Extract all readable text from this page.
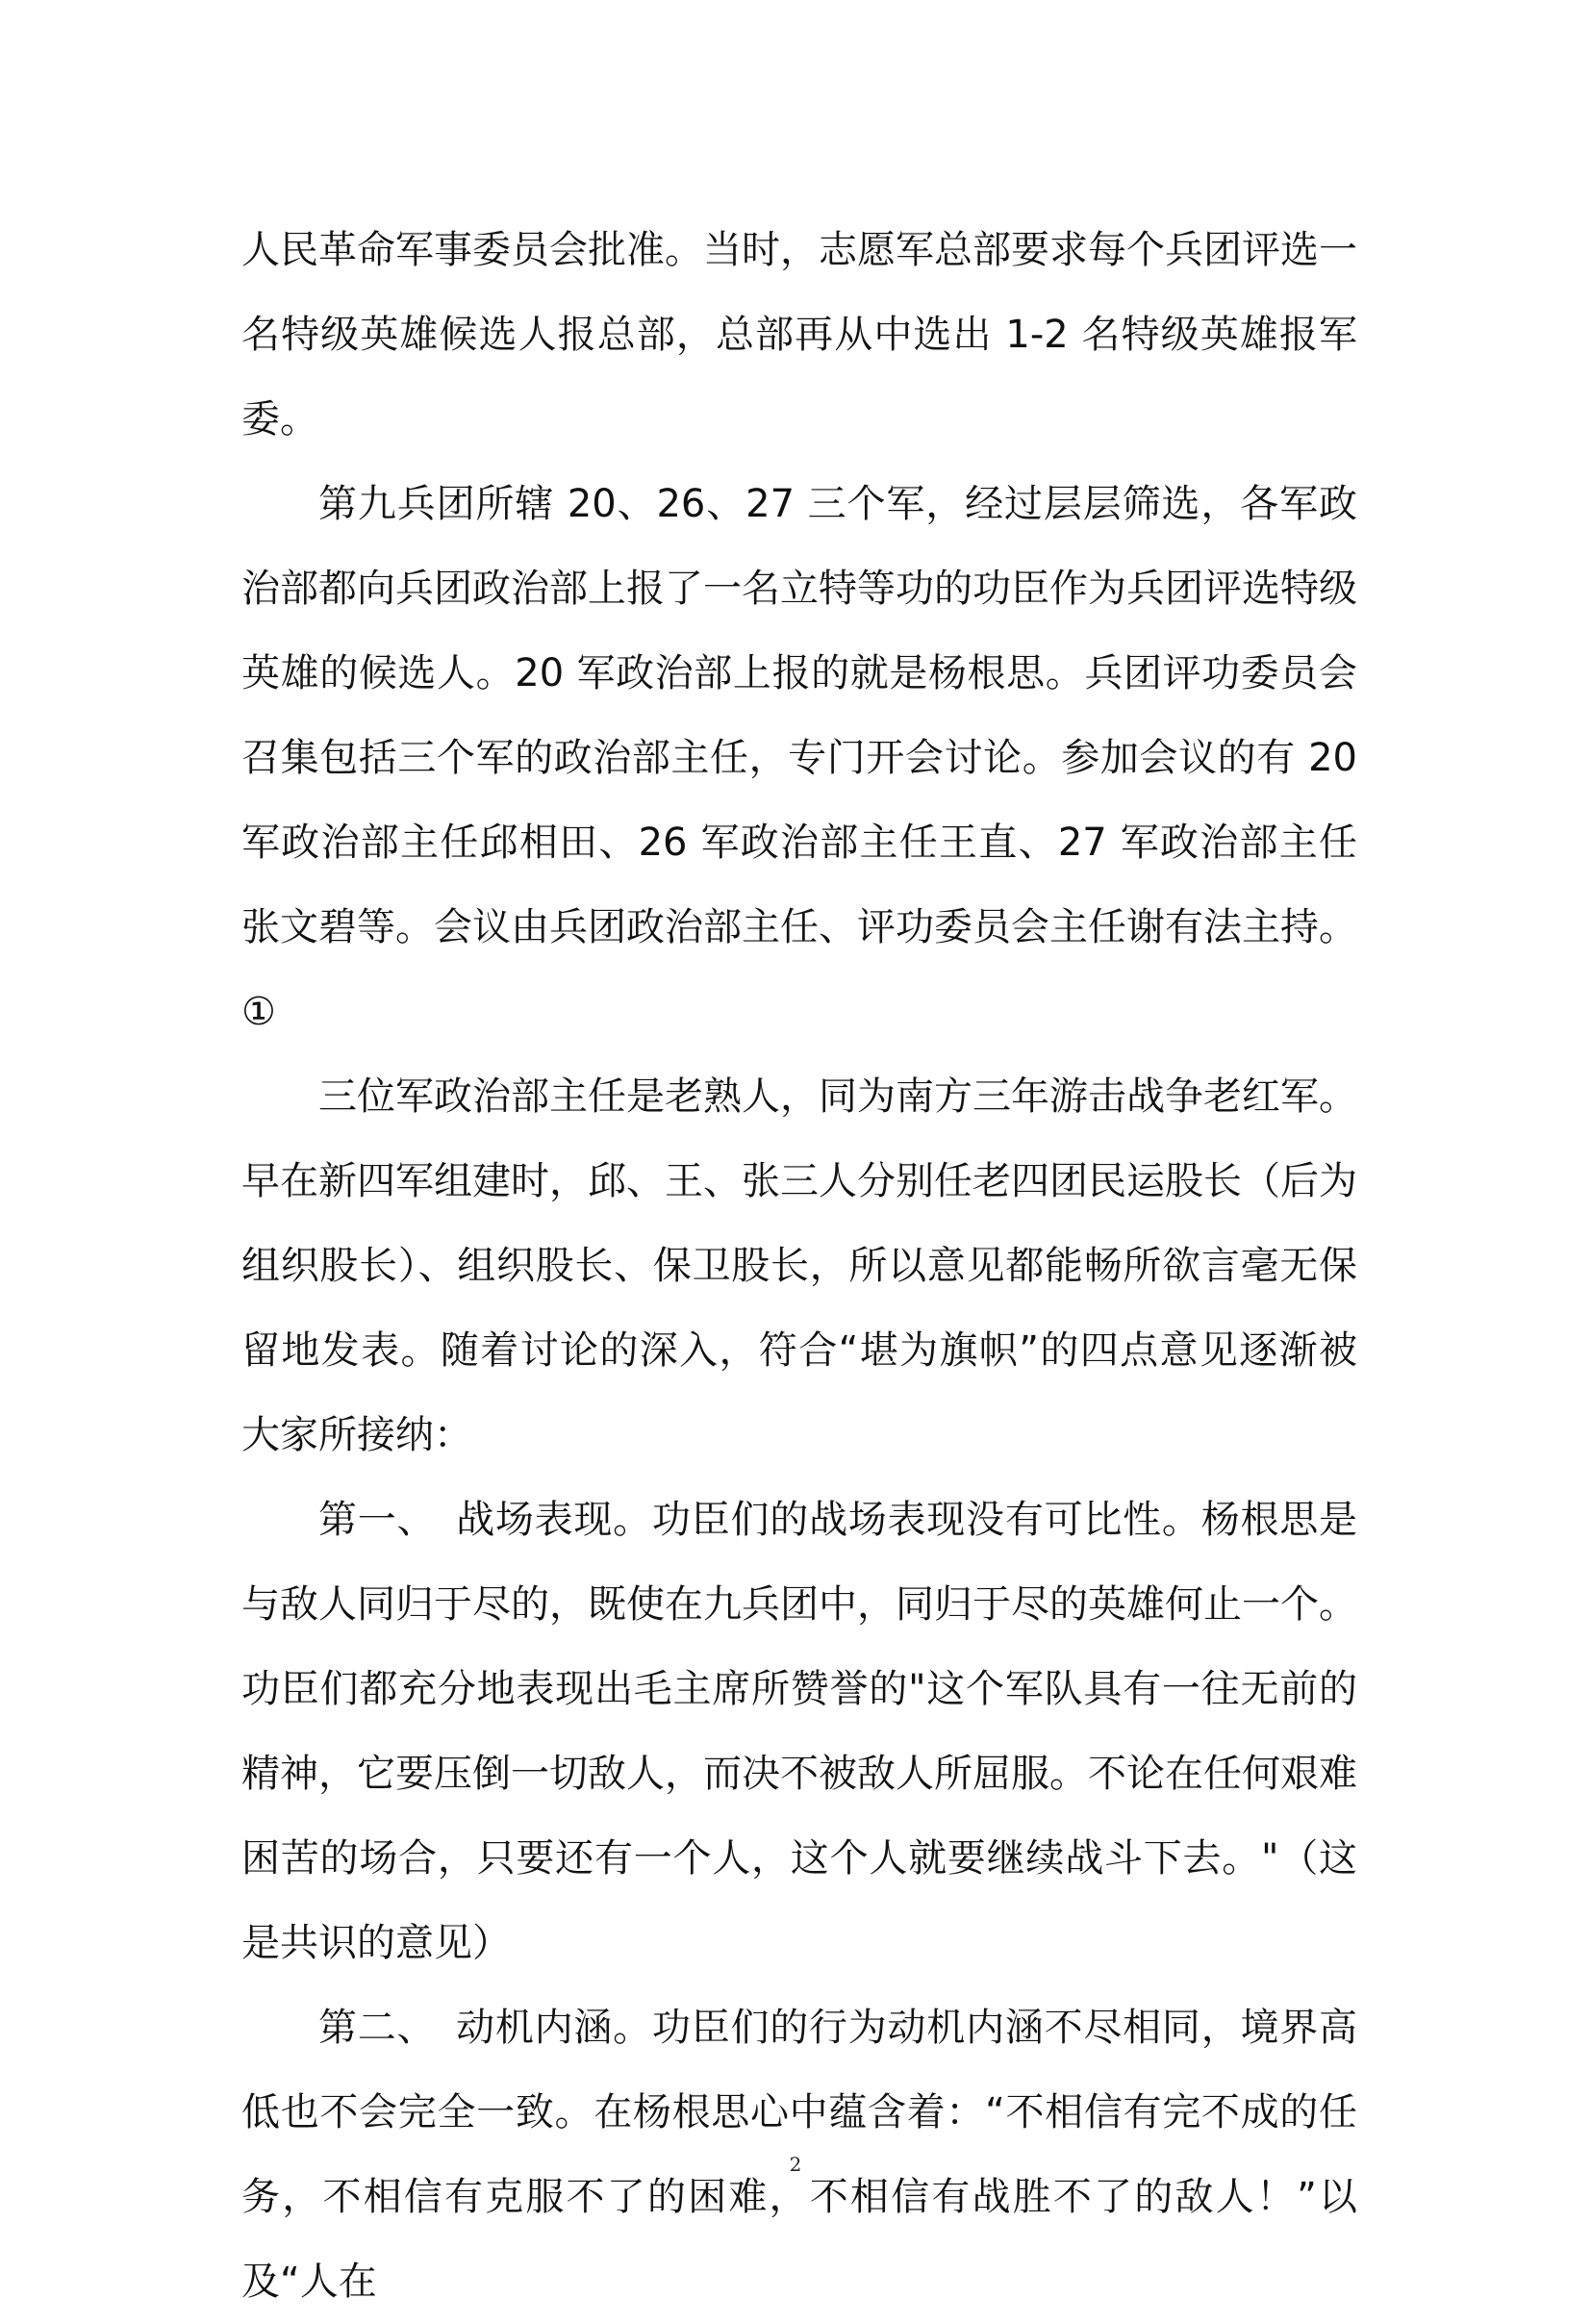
人民革命军事委员会批准。当时，志愿军总部要求每个兵团评选一名特级英雄候选人报总部，总部再从中选出 1-2 名特级英雄报军委。

第九兵团所辖 20、26、27 三个军，经过层层筛选，各军政治部都向兵团政治部上报了一名立特等功的功臣作为兵团评选特级英雄的候选人。20 军政治部上报的就是杨根思。兵团评功委员会召集包括三个军的政治部主任，专门开会讨论。参加会议的有 20 军政治部主任邱相田、26 军政治部主任王直、27 军政治部主任张文碧等。会议由兵团政治部主任、评功委员会主任谢有法主持。①

三位军政治部主任是老熟人，同为南方三年游击战争老红军。早在新四军组建时，邱、王、张三人分别任老四团民运股长（后为组织股长）、组织股长、保卫股长，所以意见都能畅所欲言毫无保留地发表。随着讨论的深入，符合“堪为旗帜”的四点意见逐渐被大家所接纳：

第一、　战场表现。功臣们的战场表现没有可比性。杨根思是与敌人同归于尽的，既使在九兵团中，同归于尽的英雄何止一个。功臣们都充分地表现出毛主席所赞誉的"这个军队具有一往无前的精神，它要压倒一切敌人，而决不被敌人所屈服。不论在任何艰难困苦的场合，只要还有一个人，这个人就要继续战斗下去。"（这是共识的意见）

第二、　动机内涵。功臣们的行为动机内涵不尽相同，境界高低也不会完全一致。在杨根思心中蕴含着：“不相信有完不成的任务，不相信有克服不了的困难，不相信有战胜不了的敌人！”以及“人在

2
